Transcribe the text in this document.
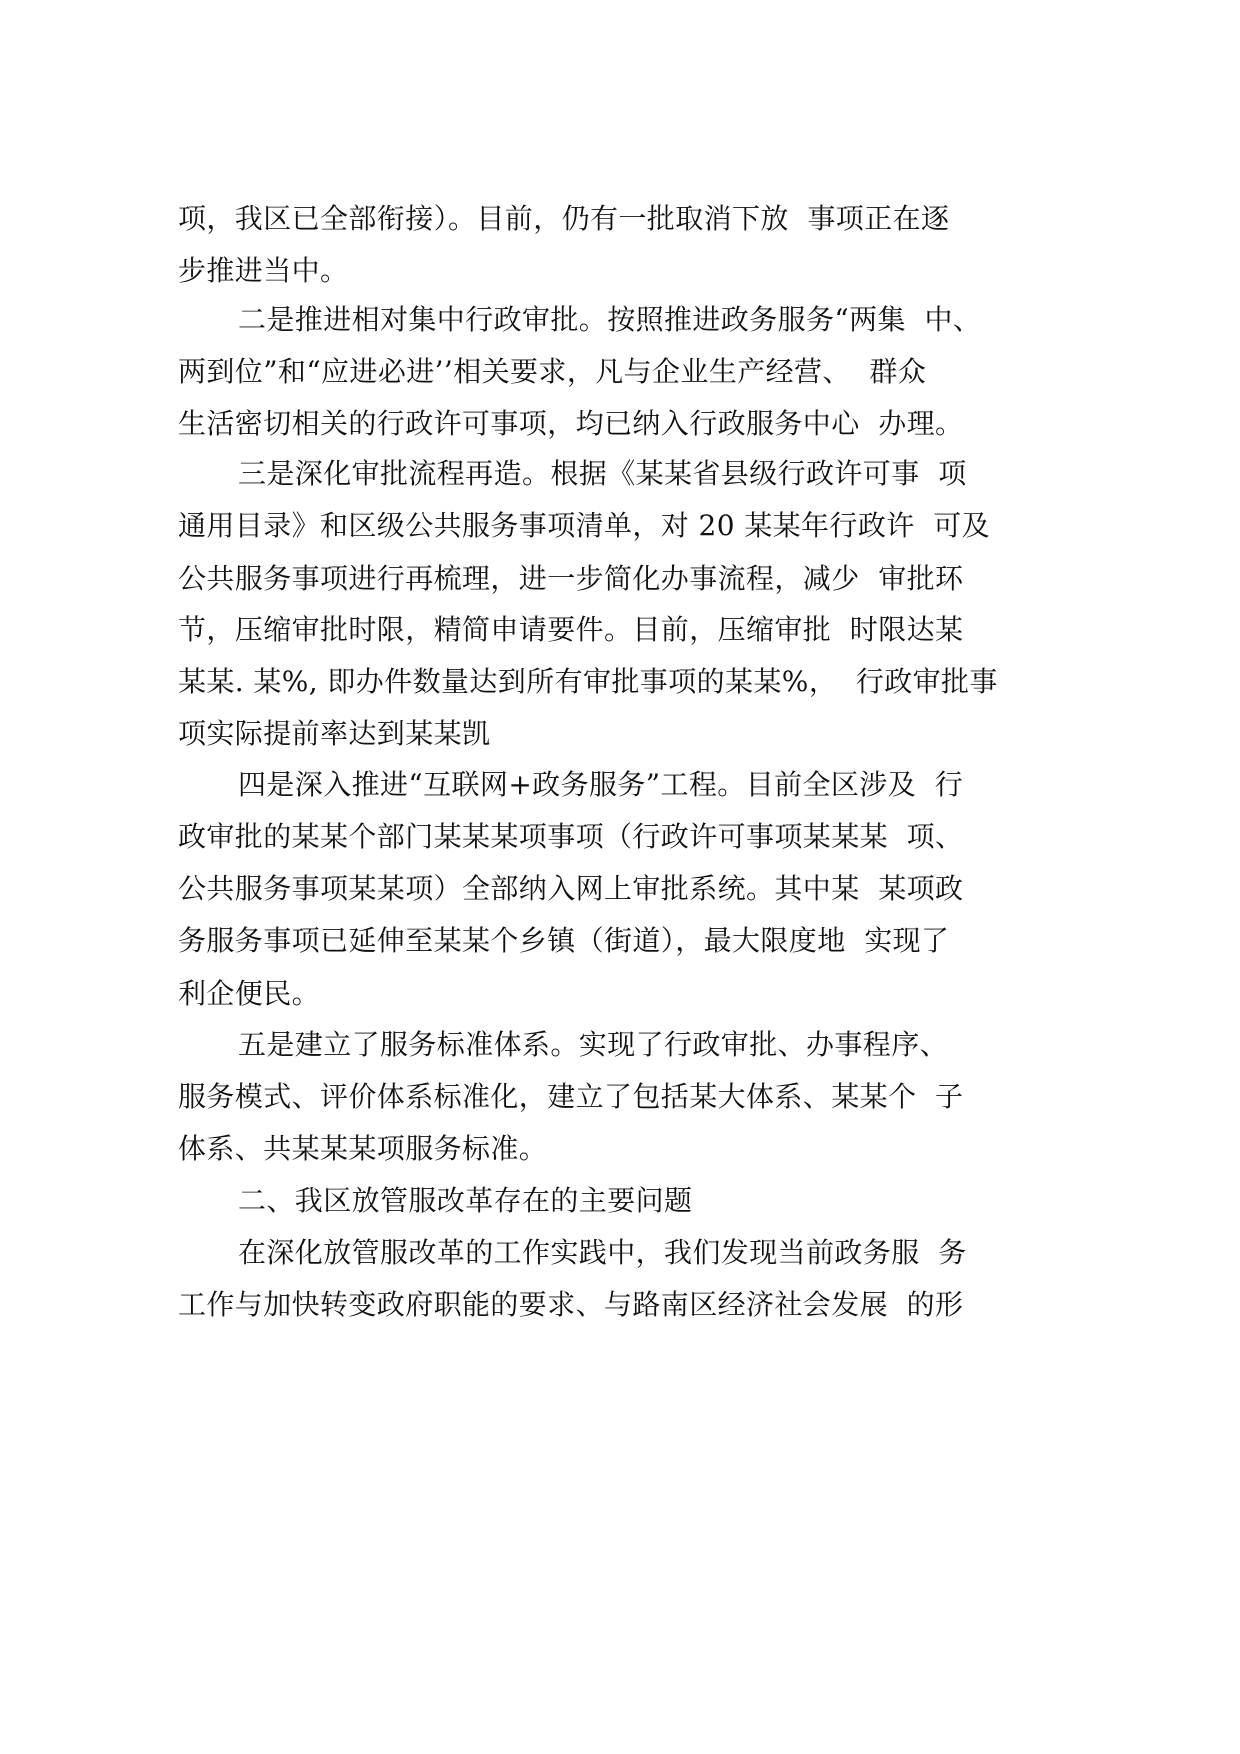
项，我区已全部衔接）。目前，仍有一批取消下放  事项正在逐
步推进当中。
二是推进相对集中行政审批。按照推进政务服务“两集  中、
两到位”和“应进必进’’相关要求，凡与企业生产经营、  群众
生活密切相关的行政许可事项，均已纳入行政服务中心  办理。
三是深化审批流程再造。根据《某某省县级行政许可事  项
通用目录》和区级公共服务事项清单，对 20 某某年行政许  可及
公共服务事项进行再梳理，进一步简化办事流程，减少  审批环
节，压缩审批时限，精简申请要件。目前，压缩审批  时限达某
某某. 某%, 即办件数量达到所有审批事项的某某%，  行政审批事
项实际提前率达到某某凯
四是深入推进“互联网+政务服务”工程。目前全区涉及  行
政审批的某某个部门某某某项事项（行政许可事项某某某  项、
公共服务事项某某项）全部纳入网上审批系统。其中某  某项政
务服务事项已延伸至某某个乡镇（街道），最大限度地  实现了
利企便民。
五是建立了服务标准体系。实现了行政审批、办事程序、
服务模式、评价体系标准化，建立了包括某大体系、某某个  子
体系、共某某某项服务标准。
二、我区放管服改革存在的主要问题
在深化放管服改革的工作实践中，我们发现当前政务服  务
工作与加快转变政府职能的要求、与路南区经济社会发展  的形
